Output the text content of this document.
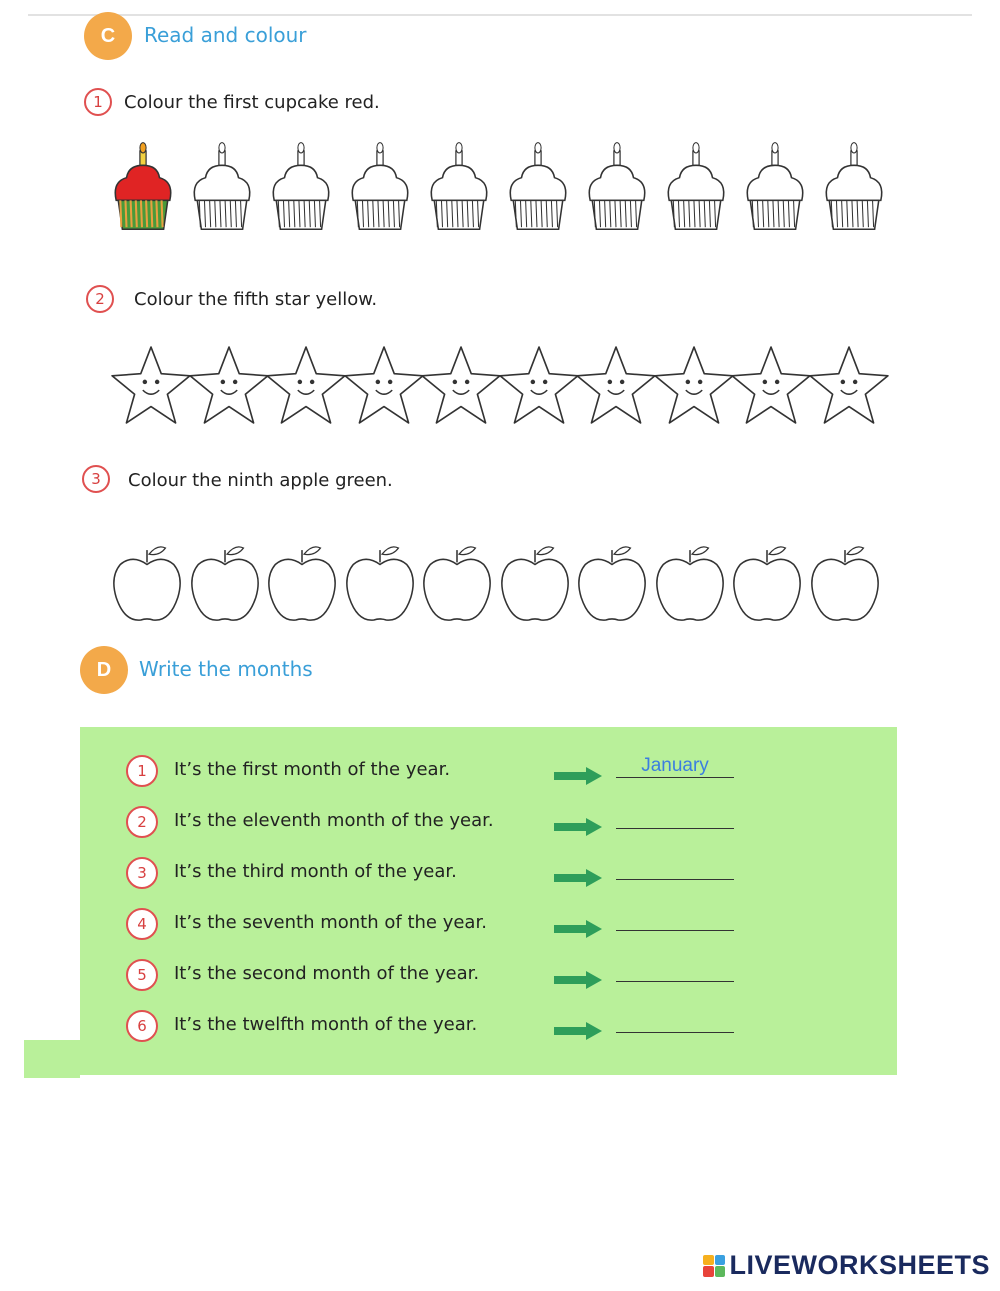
C Read and colour
1	Colour the first cupcake red.
2	Colour the fifth star yellow.
3	Colour the ninth apple green.
D Write the months
1	It’s the first month of the year.	January
2	It’s the eleventh month of the year.
3	It’s the third month of the year.
4	It’s the seventh month of the year.
5	It’s the second month of the year.
6	It’s the twelfth month of the year.
LIVEWORKSHEETS
